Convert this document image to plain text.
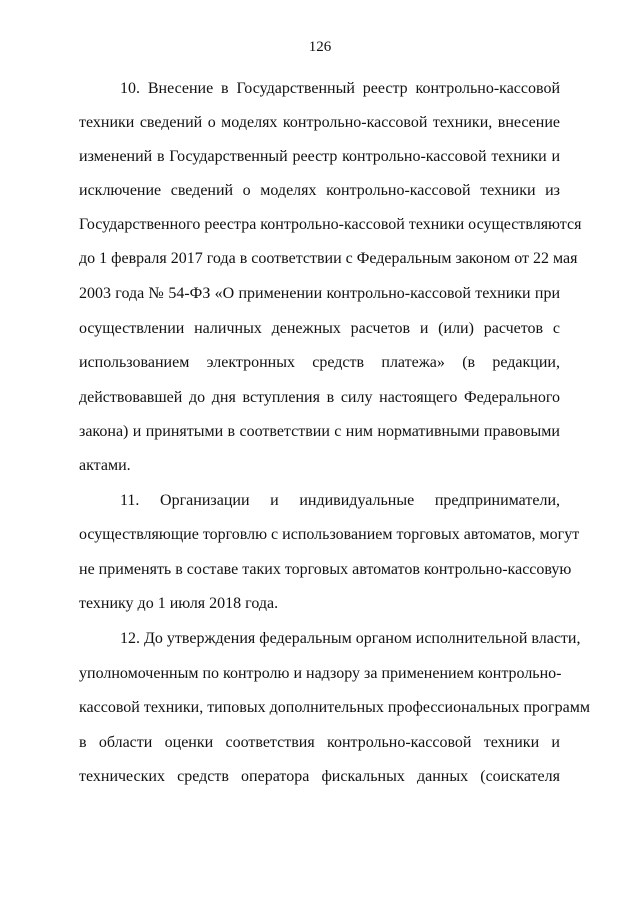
126
10. Внесение в Государственный реестр контрольно-кассовой
техники сведений о моделях контрольно-кассовой техники, внесение
изменений в Государственный реестр контрольно-кассовой техники и
исключение сведений о моделях контрольно-кассовой техники из
Государственного реестра контрольно-кассовой техники осуществляются
до 1 февраля 2017 года в соответствии с Федеральным законом от 22 мая
2003 года № 54-ФЗ «О применении контрольно-кассовой техники при
осуществлении наличных денежных расчетов и (или) расчетов с
использованием электронных средств платежа» (в редакции,
действовавшей до дня вступления в силу настоящего Федерального
закона) и принятыми в соответствии с ним нормативными правовыми
актами.
11. Организации и индивидуальные предприниматели,
осуществляющие торговлю с использованием торговых автоматов, могут
не применять в составе таких торговых автоматов контрольно-кассовую
технику до 1 июля 2018 года.
12. До утверждения федеральным органом исполнительной власти,
уполномоченным по контролю и надзору за применением контрольно-
кассовой техники, типовых дополнительных профессиональных программ
в области оценки соответствия контрольно-кассовой техники и
технических средств оператора фискальных данных (соискателя
